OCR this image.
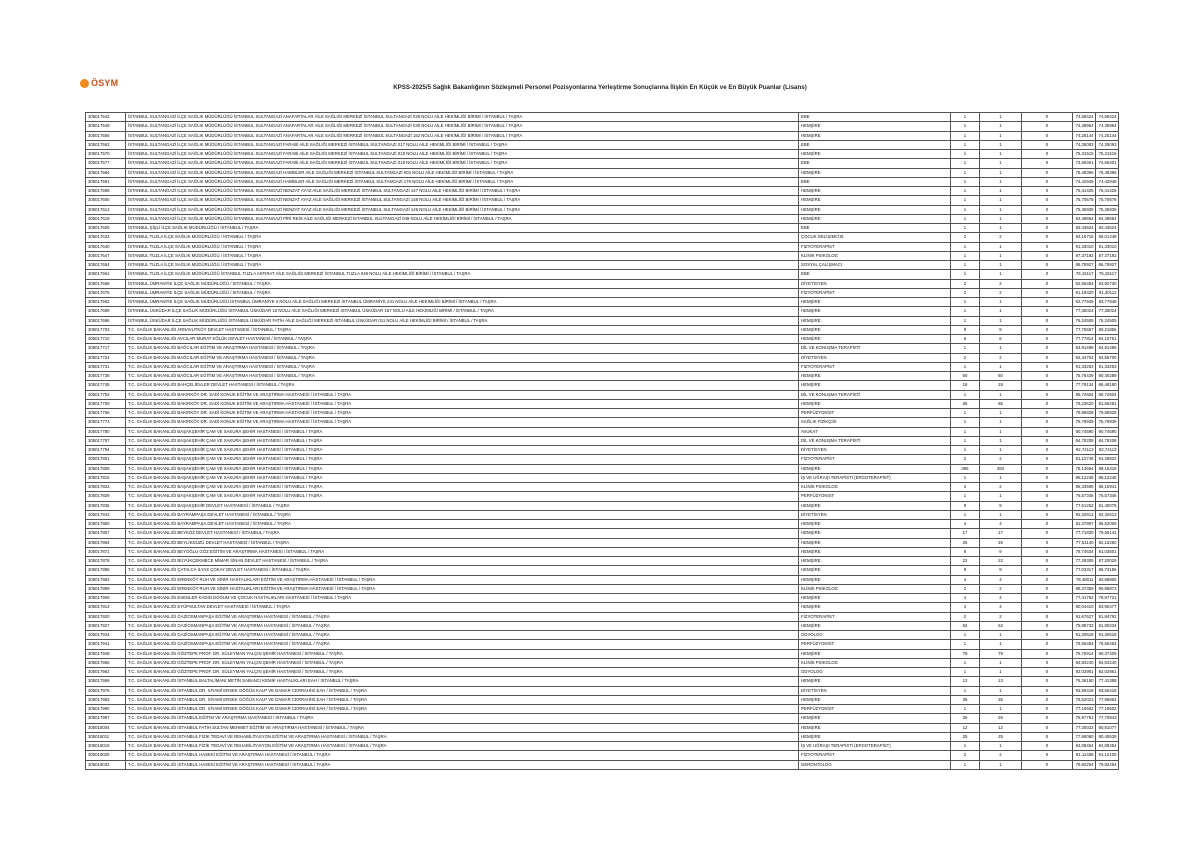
ÖSYM	KPSS-2025/5 Sağlık Bakanlığının Sözleşmeli Personel Pozisyonlarına Yerleştirme Sonuçlarına İlişkin En Küçük ve En Büyük Puanlar (Lisans)
305017542	İSTANBUL SULTANGAZİ İLÇE SAĞLIK MÜDÜRLÜĞÜ İSTANBUL SULTANGAZİ ANAFARTALAR AİLE SAĞLIĞI MERKEZİ İSTANBUL SULTANGAZİ 029 NOLU AİLE HEKİMLİĞİ BİRİMİ / İSTANBUL / TAŞRA	EBE	1	1	0	74,58424	74,58424
305017549	İSTANBUL SULTANGAZİ İLÇE SAĞLIK MÜDÜRLÜĞÜ İSTANBUL SULTANGAZİ ANAFARTALAR AİLE SAĞLIĞI MERKEZİ İSTANBUL SULTANGAZİ 030 NOLU AİLE HEKİMLİĞİ BİRİMİ / İSTANBUL / TAŞRA	HEMŞİRE	1	1	0	74,38964	74,38964
305017556	İSTANBUL SULTANGAZİ İLÇE SAĞLIK MÜDÜRLÜĞÜ İSTANBUL SULTANGAZİ ANAFARTALAR AİLE SAĞLIĞI MERKEZİ İSTANBUL SULTANGAZİ 152 NOLU AİLE HEKİMLİĞİ BİRİMİ / İSTANBUL / TAŞRA	HEMŞİRE	1	1	0	74,25144	74,25144
305017563	İSTANBUL SULTANGAZİ İLÇE SAĞLIK MÜDÜRLÜĞÜ İSTANBUL SULTANGAZİ FARABİ AİLE SAĞLIĞI MERKEZİ İSTANBUL SULTANGAZİ 017 NOLU AİLE HEKİMLİĞİ BİRİMİ / İSTANBUL / TAŞRA	EBE	1	1	0	74,35093	74,35093
305017570	İSTANBUL SULTANGAZİ İLÇE SAĞLIK MÜDÜRLÜĞÜ İSTANBUL SULTANGAZİ FARABİ AİLE SAĞLIĞI MERKEZİ İSTANBUL SULTANGAZİ 018 NOLU AİLE HEKİMLİĞİ BİRİMİ / İSTANBUL / TAŞRA	HEMŞİRE	1	1	0	75,31515	75,31515
305017577	İSTANBUL SULTANGAZİ İLÇE SAĞLIK MÜDÜRLÜĞÜ İSTANBUL SULTANGAZİ FARABİ AİLE SAĞLIĞI MERKEZİ İSTANBUL SULTANGAZİ 019 NOLU AİLE HEKİMLİĞİ BİRİMİ / İSTANBUL / TAŞRA	EBE	1	1	0	74,66401	74,66401
305017584	İSTANBUL SULTANGAZİ İLÇE SAĞLIK MÜDÜRLÜĞÜ İSTANBUL SULTANGAZİ HABİBLER AİLE SAĞLIĞI MERKEZİ İSTANBUL SULTANGAZİ 003 NOLU AİLE HEKİMLİĞİ BİRİMİ / İSTANBUL / TAŞRA	HEMŞİRE	1	1	0	76,48396	76,48396
305017591	İSTANBUL SULTANGAZİ İLÇE SAĞLIK MÜDÜRLÜĞÜ İSTANBUL SULTANGAZİ HABİBLER AİLE SAĞLIĞI MERKEZİ İSTANBUL SULTANGAZİ 179 NOLU AİLE HEKİMLİĞİ BİRİMİ / İSTANBUL / TAŞRA	EBE	1	1	0	74,42949	74,42949
305017598	İSTANBUL SULTANGAZİ İLÇE SAĞLIK MÜDÜRLÜĞÜ İSTANBUL SULTANGAZİ NENZAT AYAZ AİLE SAĞLIĞI MERKEZİ İSTANBUL SULTANGAZİ 147 NOLU AİLE HEKİMLİĞİ BİRİMİ / İSTANBUL / TAŞRA	HEMŞİRE	1	1	0	76,41425	76,41425
305017605	İSTANBUL SULTANGAZİ İLÇE SAĞLIK MÜDÜRLÜĞÜ İSTANBUL SULTANGAZİ NENZAT AYAZ AİLE SAĞLIĞI MERKEZİ İSTANBUL SULTANGAZİ 148 NOLU AİLE HEKİMLİĞİ BİRİMİ / İSTANBUL / TAŞRA	HEMŞİRE	1	1	0	75,70678	75,70678
305017612	İSTANBUL SULTANGAZİ İLÇE SAĞLIK MÜDÜRLÜĞÜ İSTANBUL SULTANGAZİ NENZAT AYAZ AİLE SAĞLIĞI MERKEZİ İSTANBUL SULTANGAZİ 149 NOLU AİLE HEKİMLİĞİ BİRİMİ / İSTANBUL / TAŞRA	HEMŞİRE	1	1	0	75,36935	75,36935
305017619	İSTANBUL SULTANGAZİ İLÇE SAĞLIK MÜDÜRLÜĞÜ İSTANBUL SULTANGAZİ PİRİ REİS AİLE SAĞLIĞI MERKEZİ İSTANBUL SULTANGAZİ 049 NOLU AİLE HEKİMLİĞİ BİRİMİ / İSTANBUL / TAŞRA	HEMŞİRE	1	1	0	84,48664	84,48664
305017626	İSTANBUL ŞİŞLİ İLÇE SAĞLIK MÜDÜRLÜĞÜ / İSTANBUL / TAŞRA	EBE	1	1	0	83,43624	83,43624
305017633	İSTANBUL TUZLA İLÇE SAĞLIK MÜDÜRLÜĞÜ / İSTANBUL / TAŞRA	ÇOCUK GELİŞİMCİSİ	2	2	0	84,16715	85,01248
305017640	İSTANBUL TUZLA İLÇE SAĞLIK MÜDÜRLÜĞÜ / İSTANBUL / TAŞRA	FİZYOTERAPİST	1	1	0	91,33010	91,33010
305017647	İSTANBUL TUZLA İLÇE SAĞLIK MÜDÜRLÜĞÜ / İSTANBUL / TAŞRA	KLİNİK PSİKOLOG	1	1	0	87,37192	87,37192
305017654	İSTANBUL TUZLA İLÇE SAĞLIK MÜDÜRLÜĞÜ / İSTANBUL / TAŞRA	SOSYAL ÇALIŞMACI	1	1	0	86,78927	86,78927
305017661	İSTANBUL TUZLA İLÇE SAĞLIK MÜDÜRLÜĞÜ İSTANBUL TUZLA AKFIRAT AİLE SAĞLIĞI MERKEZİ İSTANBUL TUZLA 049 NOLU AİLE HEKİMLİĞİ BİRİMİ / İSTANBUL / TAŞRA	EBE	1	1	0	76,15117	76,15117
305017668	İSTANBUL ÜMRANİYE İLÇE SAĞLIK MÜDÜRLÜĞÜ / İSTANBUL / TAŞRA	DİYETİSYEN	2	2	0	92,65454	93,92730
305017675	İSTANBUL ÜMRANİYE İLÇE SAĞLIK MÜDÜRLÜĞÜ / İSTANBUL / TAŞRA	FİZYOTERAPİST	2	2	0	91,19320	91,30112
305017682	İSTANBUL ÜMRANİYE İLÇE SAĞLIK MÜDÜRLÜĞÜ İSTANBUL ÜMRANİYE 4 NOLU AİLE SAĞLIĞI MERKEZİ İSTANBUL ÜMRANİYE 241 NOLU AİLE HEKİMLİĞİ BİRİMİ / İSTANBUL / TAŞRA	HEMŞİRE	1	1	0	82,77949	82,77949
305017689	İSTANBUL ÜSKÜDAR İLÇE SAĞLIK MÜDÜRLÜĞÜ İSTANBUL ÜSKÜDAR 10 NOLU AİLE SAĞLIĞI MERKEZİ İSTANBUL ÜSKÜDAR 157 NOLU AİLE HEKİMLİĞİ BİRİMİ / İSTANBUL / TAŞRA	HEMŞİRE	1	1	0	77,35024	77,35024
305017696	İSTANBUL ÜSKÜDAR İLÇE SAĞLIK MÜDÜRLÜĞÜ İSTANBUL ÜSKÜDAR FATİH AİLE SAĞLIĞI MERKEZİ İSTANBUL ÜSKÜDAR 011 NOLU AİLE HEKİMLİĞİ BİRİMİ / İSTANBUL / TAŞRA	HEMŞİRE	1	1	0	76,24505	76,24505
305017703	T.C. SAĞLIK BAKANLIĞI ARNAVUTKÖY DEVLET HASTANESİ / İSTANBUL / TAŞRA	HEMŞİRE	9	9	0	77,75557	80,21856
305017710	T.C. SAĞLIK BAKANLIĞI AVCILAR MURAT KÖLÜK DEVLET HASTANESİ / İSTANBUL / TAŞRA	HEMŞİRE	6	6	0	77,77814	84,10751
305017717	T.C. SAĞLIK BAKANLIĞI BAĞCILAR EĞİTİM VE ARAŞTIRMA HASTANESİ / İSTANBUL / TAŞRA	DİL VE KONUŞMA TERAPİSTİ	1	1	0	84,91495	84,91495
305017724	T.C. SAĞLIK BAKANLIĞI BAĞCILAR EĞİTİM VE ARAŞTIRMA HASTANESİ / İSTANBUL / TAŞRA	DİYETİSYEN	2	2	0	92,44704	92,55700
305017731	T.C. SAĞLIK BAKANLIĞI BAĞCILAR EĞİTİM VE ARAŞTIRMA HASTANESİ / İSTANBUL / TAŞRA	FİZYOTERAPİST	1	1	0	91,33253	91,33253
305017738	T.C. SAĞLIK BAKANLIĞI BAĞCILAR EĞİTİM VE ARAŞTIRMA HASTANESİ / İSTANBUL / TAŞRA	HEMŞİRE	60	60	0	75,76439	80,40289
305017745	T.C. SAĞLIK BAKANLIĞI BAHÇELİEVLER DEVLET HASTANESİ / İSTANBUL / TAŞRA	HEMŞİRE	18	18	0	77,79134	86,48180
305017752	T.C. SAĞLIK BAKANLIĞI BAKIRKÖY DR. SADİ KONUK EĞİTİM VE ARAŞTIRMA HASTANESİ / İSTANBUL / TAŞRA	DİL VE KONUŞMA TERAPİSTİ	1	1	0	85,72604	85,72604
305017759	T.C. SAĞLIK BAKANLIĞI BAKIRKÖY DR. SADİ KONUK EĞİTİM VE ARAŞTIRMA HASTANESİ / İSTANBUL / TAŞRA	HEMŞİRE	65	65	0	76,23620	81,69281
305017766	T.C. SAĞLIK BAKANLIĞI BAKIRKÖY DR. SADİ KONUK EĞİTİM VE ARAŞTIRMA HASTANESİ / İSTANBUL / TAŞRA	PERFÜZYONİST	1	1	0	79,86928	79,86928
305017773	T.C. SAĞLIK BAKANLIĞI BAKIRKÖY DR. SADİ KONUK EĞİTİM VE ARAŞTIRMA HASTANESİ / İSTANBUL / TAŞRA	SAĞLIK FİZİKÇİSİ	1	1	0	75,79939	75,79939
305017780	T.C. SAĞLIK BAKANLIĞI BAŞAKŞEHİR ÇAM VE SAKURA ŞEHİR HASTANESİ / İSTANBUL / TAŞRA	AVUKAT	1	1	0	90,74590	90,74590
305017787	T.C. SAĞLIK BAKANLIĞI BAŞAKŞEHİR ÇAM VE SAKURA ŞEHİR HASTANESİ / İSTANBUL / TAŞRA	DİL VE KONUŞMA TERAPİSTİ	1	1	0	84,79208	84,79208
305017794	T.C. SAĞLIK BAKANLIĞI BAŞAKŞEHİR ÇAM VE SAKURA ŞEHİR HASTANESİ / İSTANBUL / TAŞRA	DİYETİSYEN	1	1	0	92,74113	92,74113
305017801	T.C. SAĞLIK BAKANLIĞI BAŞAKŞEHİR ÇAM VE SAKURA ŞEHİR HASTANESİ / İSTANBUL / TAŞRA	FİZYOTERAPİST	2	2	0	91,12746	91,28822
305017808	T.C. SAĞLIK BAKANLIĞI BAŞAKŞEHİR ÇAM VE SAKURA ŞEHİR HASTANESİ / İSTANBUL / TAŞRA	HEMŞİRE	395	393	0	76,13664	88,15316
305017815	T.C. SAĞLIK BAKANLIĞI BAŞAKŞEHİR ÇAM VE SAKURA ŞEHİR HASTANESİ / İSTANBUL / TAŞRA	İŞ VE UĞRAŞI TERAPİSTİ (ERGOTERAPİST)	1	1	0	85,12245	85,12245
305017822	T.C. SAĞLIK BAKANLIĞI BAŞAKŞEHİR ÇAM VE SAKURA ŞEHİR HASTANESİ / İSTANBUL / TAŞRA	KLİNİK PSİKOLOG	2	2	0	85,33596	86,15941
305017829	T.C. SAĞLIK BAKANLIĞI BAŞAKŞEHİR ÇAM VE SAKURA ŞEHİR HASTANESİ / İSTANBUL / TAŞRA	PERFÜZYONİST	1	1	0	76,57346	76,57346
305017836	T.C. SAĞLIK BAKANLIĞI BAŞAKŞEHİR DEVLET HASTANESİ / İSTANBUL / TAŞRA	HEMŞİRE	9	9	0	77,61252	81,40075
305017843	T.C. SAĞLIK BAKANLIĞI BAYRAMPAŞA DEVLET HASTANESİ / İSTANBUL / TAŞRA	DİYETİSYEN	1	1	0	92,32613	92,32613
305017850	T.C. SAĞLIK BAKANLIĞI BAYRAMPAŞA DEVLET HASTANESİ / İSTANBUL / TAŞRA	HEMŞİRE	4	4	0	81,37897	85,52009
305017857	T.C. SAĞLIK BAKANLIĞI BEYKOZ DEVLET HASTANESİ / İSTANBUL / TAŞRA	HEMŞİRE	17	17	0	77,71930	79,56141
305017864	T.C. SAĞLIK BAKANLIĞI BEYLİKDÜZÜ DEVLET HASTANESİ / İSTANBUL / TAŞRA	HEMŞİRE	26	26	0	77,51140	82,15260
305017871	T.C. SAĞLIK BAKANLIĞI BEYOĞLU GÖZ EĞİTİM VE ARAŞTIRMA HASTANESİ / İSTANBUL / TAŞRA	HEMŞİRE	9	9	0	78,74634	91,03601
305017878	T.C. SAĞLIK BAKANLIĞI BÜYÜKÇEKMECE MİMAR SİNAN DEVLET HASTANESİ / İSTANBUL / TAŞRA	HEMŞİRE	22	22	0	77,29305	87,20029
305017885	T.C. SAĞLIK BAKANLIĞI ÇATALCA İLYAS ÇOKAY DEVLET HASTANESİ / İSTANBUL / TAŞRA	HEMŞİRE	9	9	0	77,03317	86,73186
305017892	T.C. SAĞLIK BAKANLIĞI ERENKÖY RUH VE SİNİR HASTALIKLARI EĞİTİM VE ARAŞTIRMA HASTANESİ / İSTANBUL / TAŞRA	HEMŞİRE	4	4	0	78,48011	83,68805
305017899	T.C. SAĞLIK BAKANLIĞI ERENKÖY RUH VE SİNİR HASTALIKLARI EĞİTİM VE ARAŞTIRMA HASTANESİ / İSTANBUL / TAŞRA	KLİNİK PSİKOLOG	2	2	0	88,37359	90,96873
305017906	T.C. SAĞLIK BAKANLIĞI ESENLER KADIN DOĞUM VE ÇOCUK HASTALIKLARI HASTANESİ / İSTANBUL / TAŞRA	HEMŞİRE	4	4	0	77,41792	78,97721
305017913	T.C. SAĞLIK BAKANLIĞI EYÜPSULTAN DEVLET HASTANESİ / İSTANBUL / TAŞRA	HEMŞİRE	4	4	0	80,04410	83,90477
305017920	T.C. SAĞLIK BAKANLIĞI GAZİOSMANPAŞA EĞİTİM VE ARAŞTIRMA HASTANESİ / İSTANBUL / TAŞRA	FİZYOTERAPİST	2	2	0	91,67627	91,84792
305017927	T.C. SAĞLIK BAKANLIĞI GAZİOSMANPAŞA EĞİTİM VE ARAŞTIRMA HASTANESİ / İSTANBUL / TAŞRA	HEMŞİRE	52	52	0	75,89733	81,90234
305017934	T.C. SAĞLIK BAKANLIĞI GAZİOSMANPAŞA EĞİTİM VE ARAŞTIRMA HASTANESİ / İSTANBUL / TAŞRA	ODYOLOG	1	1	0	91,30518	91,30518
305017941	T.C. SAĞLIK BAKANLIĞI GAZİOSMANPAŞA EĞİTİM VE ARAŞTIRMA HASTANESİ / İSTANBUL / TAŞRA	PERFÜZYONİST	1	1	0	76,56454	76,56454
305017948	T.C. SAĞLIK BAKANLIĞI GÖZTEPE PROF. DR. SÜLEYMAN YALÇIN ŞEHİR HASTANESİ / İSTANBUL / TAŞRA	HEMŞİRE	79	79	0	75,75914	80,37409
305017955	T.C. SAĞLIK BAKANLIĞI GÖZTEPE PROF. DR. SÜLEYMAN YALÇIN ŞEHİR HASTANESİ / İSTANBUL / TAŞRA	KLİNİK PSİKOLOG	1	1	0	84,84240	84,84240
305017962	T.C. SAĞLIK BAKANLIĞI GÖZTEPE PROF. DR. SÜLEYMAN YALÇIN ŞEHİR HASTANESİ / İSTANBUL / TAŞRA	ODYOLOG	1	1	0	92,02961	92,02961
305017969	T.C. SAĞLIK BAKANLIĞI İSTANBUL BALTALİMANI METİN SABANCI KEMİK HASTALIKLARI EAH / İSTANBUL / TAŞRA	HEMŞİRE	13	13	0	76,36150	77,41388
305017976	T.C. SAĞLIK BAKANLIĞI İSTANBUL DR. SİYAMİ ERSEK GÖĞÜS KALP VE DAMAR CERRAHİSİ EAH / İSTANBUL / TAŞRA	DİYETİSYEN	1	1	0	93,55418	93,55418
305017983	T.C. SAĞLIK BAKANLIĞI İSTANBUL DR. SİYAMİ ERSEK GÖĞÜS KALP VE DAMAR CERRAHİSİ EAH / İSTANBUL / TAŞRA	HEMŞİRE	35	35	0	76,52023	77,99854
305017990	T.C. SAĞLIK BAKANLIĞI İSTANBUL DR. SİYAMİ ERSEK GÖĞÜS KALP VE DAMAR CERRAHİSİ EAH / İSTANBUL / TAŞRA	PERFÜZYONİST	1	1	0	77,18502	77,18502
305017997	T.C. SAĞLIK BAKANLIĞI İSTANBUL EĞİTİM VE ARAŞTIRMA HASTANESİ / İSTANBUL / TAŞRA	HEMŞİRE	26	26	0	75,97791	77,70843
305018004	T.C. SAĞLIK BAKANLIĞI İSTANBUL FATİH SULTAN MEHMET EĞİTİM VE ARAŞTIRMA HASTANESİ / İSTANBUL / TAŞRA	HEMŞİRE	12	12	0	77,30032	80,91077
305018011	T.C. SAĞLIK BAKANLIĞI İSTANBUL FİZİK TEDAVİ VE REHABİLİTASYON EĞİTİM VE ARAŞTIRMA HASTANESİ / İSTANBUL / TAŞRA	HEMŞİRE	25	25	0	77,68060	90,45539
305018018	T.C. SAĞLIK BAKANLIĞI İSTANBUL FİZİK TEDAVİ VE REHABİLİTASYON EĞİTİM VE ARAŞTIRMA HASTANESİ / İSTANBUL / TAŞRA	İŞ VE UĞRAŞI TERAPİSTİ (ERGOTERAPİST)	1	1	0	84,08454	84,08454
305018025	T.C. SAĞLIK BAKANLIĞI İSTANBUL HASEKİ EĞİTİM VE ARAŞTIRMA HASTANESİ / İSTANBUL / TAŞRA	FİZYOTERAPİST	2	2	0	91,11456	91,12105
305018032	T.C. SAĞLIK BAKANLIĞI İSTANBUL HASEKİ EĞİTİM VE ARAŞTIRMA HASTANESİ / İSTANBUL / TAŞRA	GERONTOLOG	1	1	0	79,82254	79,82254
